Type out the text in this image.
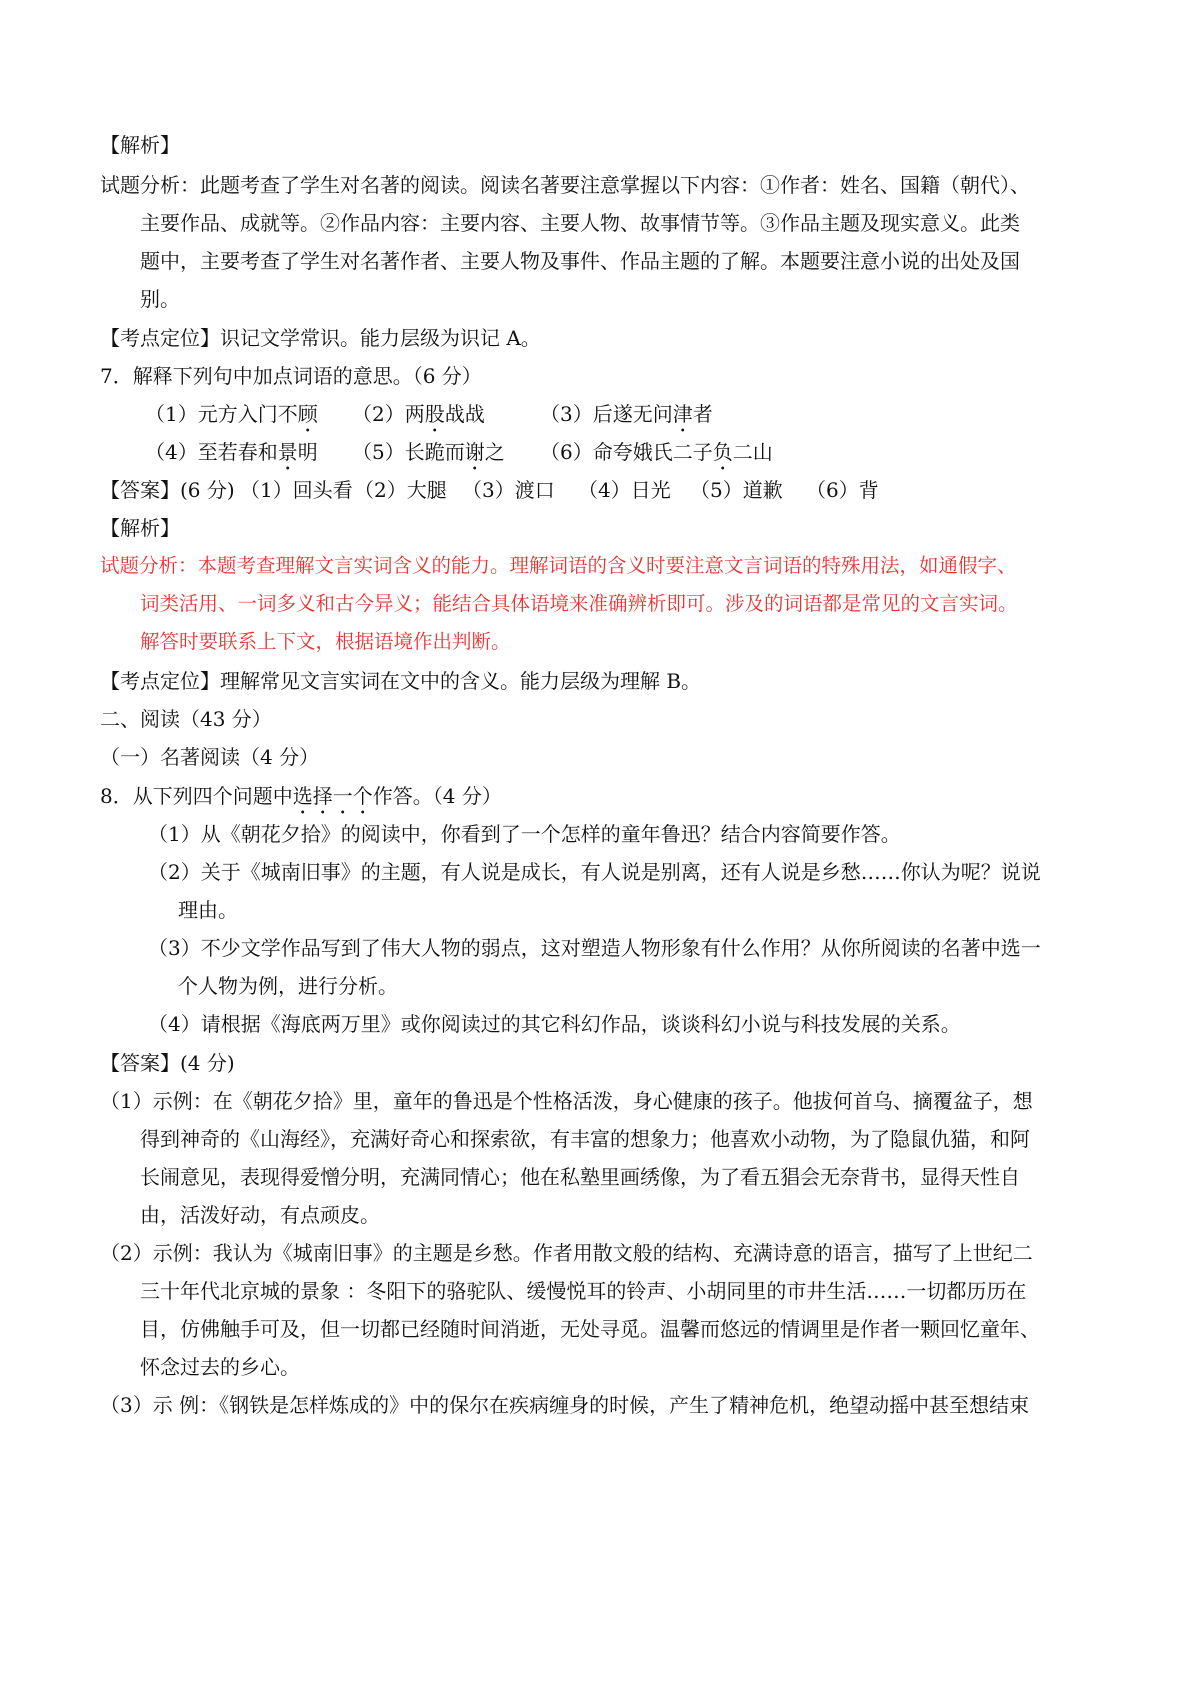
【解析】
试题分析：此题考查了学生对名著的阅读。阅读名著要注意掌握以下内容：①作者：姓名、国籍（朝代）、
主要作品、成就等。②作品内容：主要内容、主要人物、故事情节等。③作品主题及现实意义。此类
题中，主要考查了学生对名著作者、主要人物及事件、作品主题的了解。本题要注意小说的出处及国
别。
【考点定位】识记文学常识。能力层级为识记 A。
7．解释下列句中加点词语的意思。（6 分）
（1）元方入门不顾 （2）两股战战	（3）后遂无问津者
（4）至若春和景明 （5）长跪而谢之 （6）命夸娥氏二子负二山
【答案】(6 分) （1）回头看 （2）大腿 （3）渡口 （4）日光 （5）道歉 （6）背
【解析】
试题分析：本题考查理解文言实词含义的能力。理解词语的含义时要注意文言词语的特殊用法，如通假字、
词类活用、一词多义和古今异义；能结合具体语境来准确辨析即可。涉及的词语都是常见的文言实词。
解答时要联系上下文，根据语境作出判断。
【考点定位】理解常见文言实词在文中的含义。能力层级为理解 B。
二、阅读（43 分）
（一）名著阅读（4 分）
8．从下列四个问题中选择一个作答。（4 分）
（1）从《朝花夕拾》的阅读中，你看到了一个怎样的童年鲁迅？结合内容简要作答。
（2）关于《城南旧事》的主题，有人说是成长，有人说是别离，还有人说是乡愁……你认为呢？说说
理由。
（3）不少文学作品写到了伟大人物的弱点，这对塑造人物形象有什么作用？从你所阅读的名著中选一
个人物为例，进行分析。
（4）请根据《海底两万里》或你阅读过的其它科幻作品，谈谈科幻小说与科技发展的关系。
【答案】(4 分)
（1）示例：在《朝花夕拾》里，童年的鲁迅是个性格活泼，身心健康的孩子。他拔何首乌、摘覆盆子，想
得到神奇的《山海经》，充满好奇心和探索欲，有丰富的想象力；他喜欢小动物，为了隐鼠仇猫，和阿
长闹意见，表现得爱憎分明，充满同情心；他在私塾里画绣像，为了看五猖会无奈背书，显得天性自
由，活泼好动，有点顽皮。
（2）示例：我认为《城南旧事》的主题是乡愁。作者用散文般的结构、充满诗意的语言，描写了上世纪二
三十年代北京城的景象 ：冬阳下的骆驼队、缓慢悦耳的铃声、小胡同里的市井生活……一切都历历在
目，仿佛触手可及，但一切都已经随时间消逝，无处寻觅。温馨而悠远的情调里是作者一颗回忆童年、
怀念过去的乡心。
（3）示 例：《钢铁是怎样炼成的》中的保尔在疾病缠身的时候，产生了精神危机，绝望动摇中甚至想结束
